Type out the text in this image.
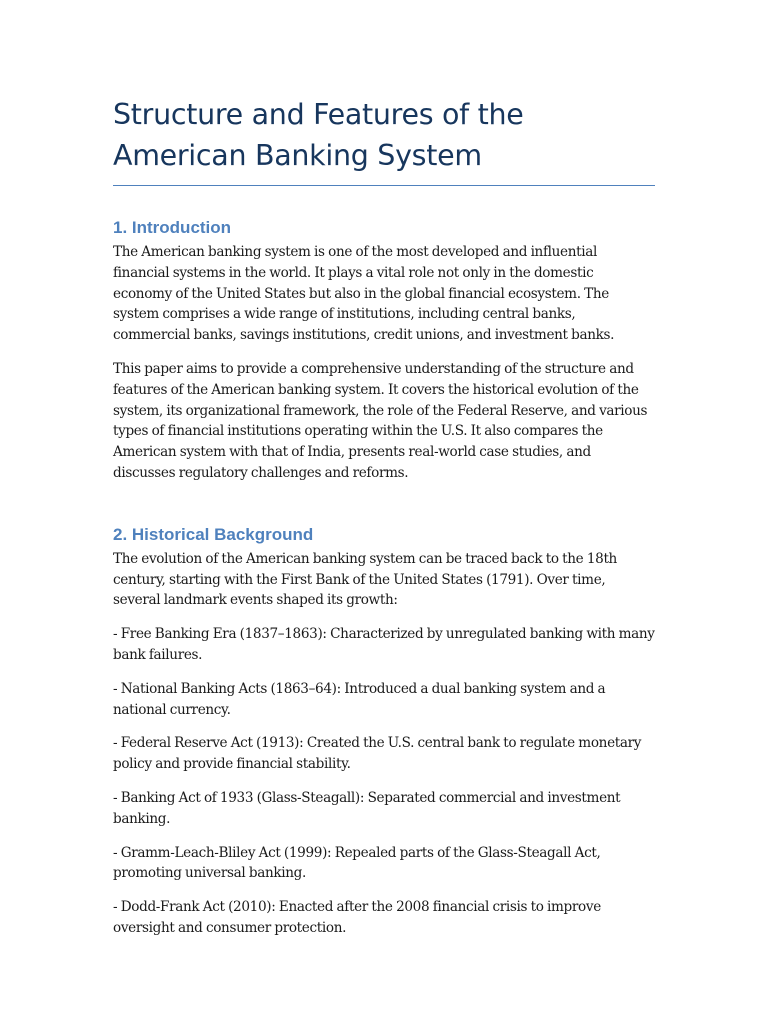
Structure and Features of the American Banking System
1. Introduction

The American banking system is one of the most developed and influential financial systems in the world. It plays a vital role not only in the domestic economy of the United States but also in the global financial ecosystem. The system comprises a wide range of institutions, including central banks, commercial banks, savings institutions, credit unions, and investment banks.

This paper aims to provide a comprehensive understanding of the structure and features of the American banking system. It covers the historical evolution of the system, its organizational framework, the role of the Federal Reserve, and various types of financial institutions operating within the U.S. It also compares the American system with that of India, presents real-world case studies, and discusses regulatory challenges and reforms.

2. Historical Background

The evolution of the American banking system can be traced back to the 18th century, starting with the First Bank of the United States (1791). Over time, several landmark events shaped its growth:

- Free Banking Era (1837–1863): Characterized by unregulated banking with many bank failures.

- National Banking Acts (1863–64): Introduced a dual banking system and a national currency.

- Federal Reserve Act (1913): Created the U.S. central bank to regulate monetary policy and provide financial stability.

- Banking Act of 1933 (Glass-Steagall): Separated commercial and investment banking.

- Gramm-Leach-Bliley Act (1999): Repealed parts of the Glass-Steagall Act, promoting universal banking.

- Dodd-Frank Act (2010): Enacted after the 2008 financial crisis to improve oversight and consumer protection.
